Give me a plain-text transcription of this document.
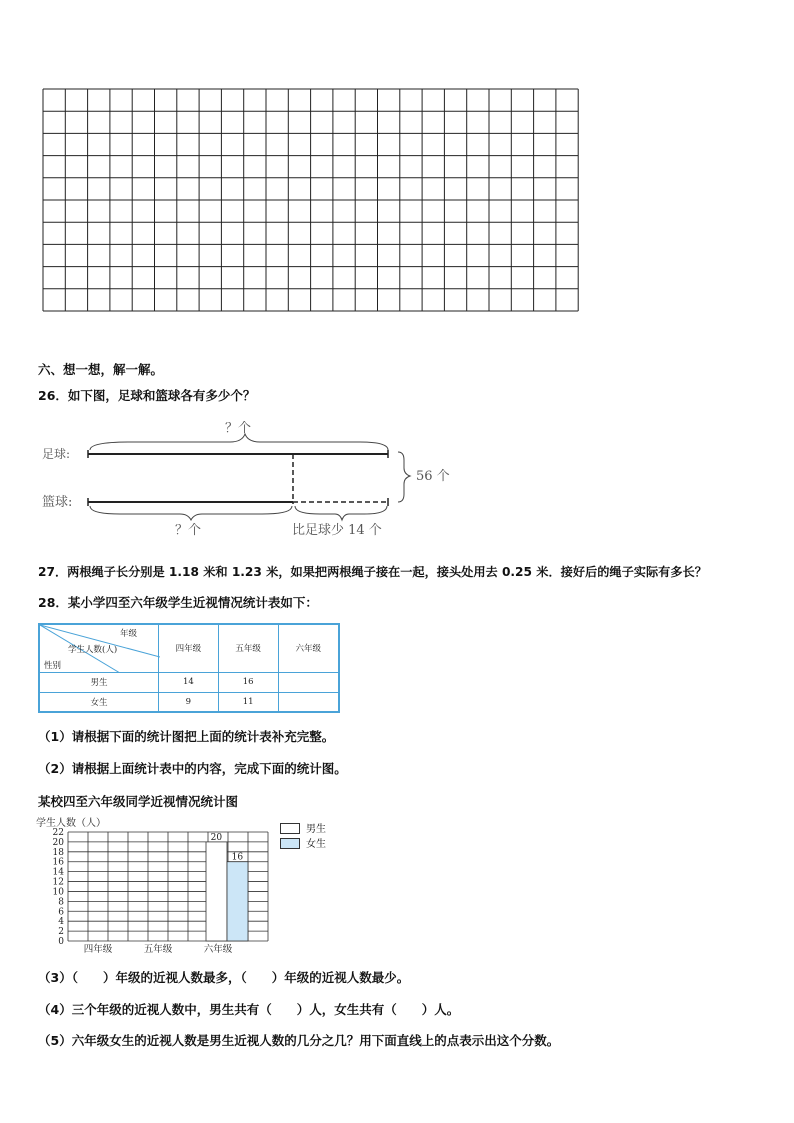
六、想一想，解一解。
26．如下图，足球和篮球各有多少个？
足球:
篮球:
？个
？个	比足球少 14 个
56 个
27．两根绳子长分别是 1.18 米和 1.23 米，如果把两根绳子接在一起，接头处用去 0.25 米．接好后的绳子实际有多长？
28．某小学四至六年级学生近视情况统计表如下：
年级
学生人数(人)
性别	四年级	五年级	六年级
男生	14	16	
女生	9	11	
（1）请根据下面的统计图把上面的统计表补充完整。
（2）请根据上面统计表中的内容，完成下面的统计图。
某校四至六年级同学近视情况统计图
学生人数（人）
0
2
4
6
8
10
12
14
16
18
20
22
四年级	五年级	六年级
20
16
男生
女生
（3）（　　）年级的近视人数最多，（　　）年级的近视人数最少。
（4）三个年级的近视人数中，男生共有（　　）人，女生共有（　　）人。
（5）六年级女生的近视人数是男生近视人数的几分之几？用下面直线上的点表示出这个分数。
